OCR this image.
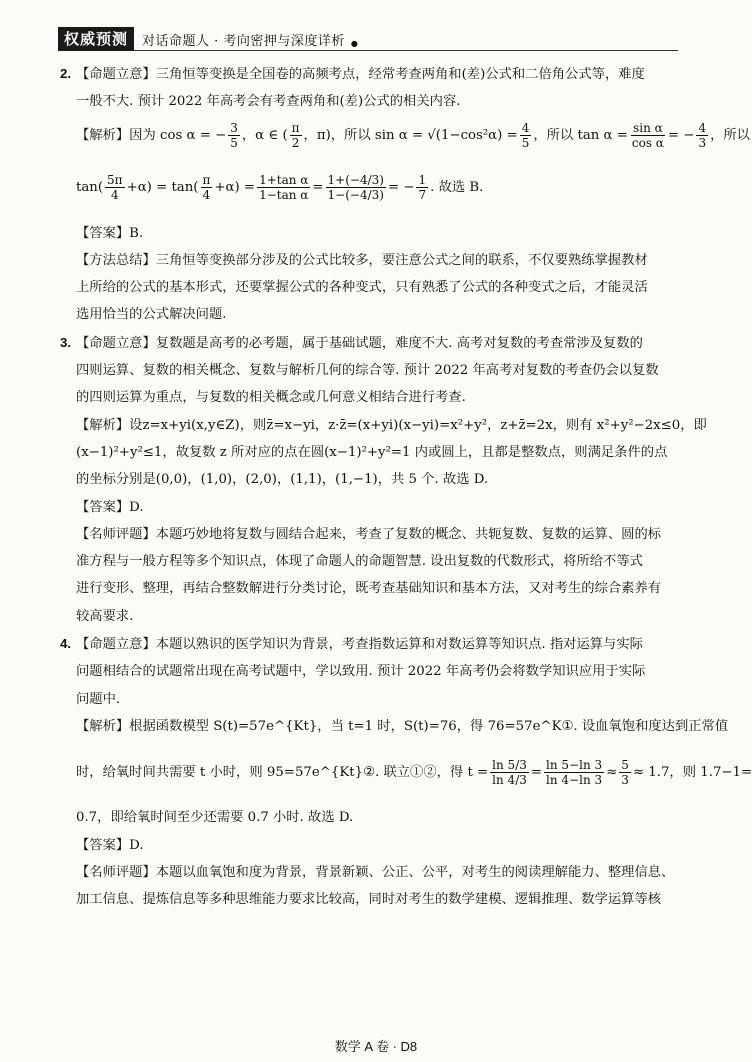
权威预测	对话命题人 · 考向密押与深度详析 ●
2. 【命题立意】三角恒等变换是全国卷的高频考点，经常考查两角和(差)公式和二倍角公式等，难度
一般不大. 预计 2022 年高考会有考查两角和(差)公式的相关内容.
【解析】因为 cos α = − $\frac{3}{5}$ ，α ∈ ( $\frac{\pi}{2}$ ，π)，所以 $\sin \alpha = √(1-\cos^2\alpha) = \frac{4}{5}$ ，所以 $\tan \alpha = \frac{\text{sin α}}{\text{cos α}}$ = − $\frac{4}{3}$ ，所以
$\tan( \frac{5\pi}{4} +\alpha) = \tan( \frac{\pi}{4} +\alpha) = \frac{\text{1+tan α}}{\text{1−tan α}} = \frac{1+(-4/3)}{1-(-4/3)}$ = − $\frac{1}{7}$ . 故选 B.
【答案】B.
【方法总结】三角恒等变换部分涉及的公式比较多，要注意公式之间的联系，不仅要熟练掌握教材
上所给的公式的基本形式，还要掌握公式的各种变式，只有熟悉了公式的各种变式之后，才能灵活
选用恰当的公式解决问题.
3. 【命题立意】复数题是高考的必考题，属于基础试题，难度不大. 高考对复数的考查常涉及复数的
四则运算、复数的相关概念、复数与解析几何的综合等. 预计 2022 年高考对复数的考查仍会以复数
的四则运算为重点，与复数的相关概念或几何意义相结合进行考查.
【解析】设z=x+yi(x,y∈Z)，则z̄=x−yi，z·z̄=(x+yi)(x−yi)=x²+y²，z+z̄=2x，则有 x²+y²−2x≤0，即
(x−1)²+y²≤1，故复数 z 所对应的点在圆(x−1)²+y²=1 内或圆上，且都是整数点，则满足条件的点
的坐标分别是(0,0)，(1,0)，(2,0)，(1,1)，(1,−1)，共 5 个. 故选 D.
【答案】D.
【名师评题】本题巧妙地将复数与圆结合起来，考查了复数的概念、共轭复数、复数的运算、圆的标
准方程与一般方程等多个知识点，体现了命题人的命题智慧. 设出复数的代数形式，将所给不等式
进行变形、整理，再结合整数解进行分类讨论，既考查基础知识和基本方法，又对考生的综合素养有
较高要求.
4. 【命题立意】本题以熟识的医学知识为背景，考查指数运算和对数运算等知识点. 指对运算与实际
问题相结合的试题常出现在高考试题中，学以致用. 预计 2022 年高考仍会将数学知识应用于实际
问题中.
【解析】根据函数模型 S(t)=57e^{Kt}，当 t=1 时，S(t)=76，得 76=57e^K①. 设血氧饱和度达到正常值
时，给氧时间共需要 t 小时，则 95=57e^{Kt}②. 联立①②，得 $t = \frac{\ln 5/3}{\ln 4/3} = \frac{\ln 5-\ln 3}{\ln 4-\ln 3} \approx \frac{5}{3} \approx 1.7$，则 1.7−1=
0.7，即给氧时间至少还需要 0.7 小时. 故选 D.
【答案】D.
【名师评题】本题以血氧饱和度为背景，背景新颖、公正、公平，对考生的阅读理解能力、整理信息、
加工信息、提炼信息等多种思维能力要求比较高，同时对考生的数学建模、逻辑推理、数学运算等核
数学 A 卷 · D8
